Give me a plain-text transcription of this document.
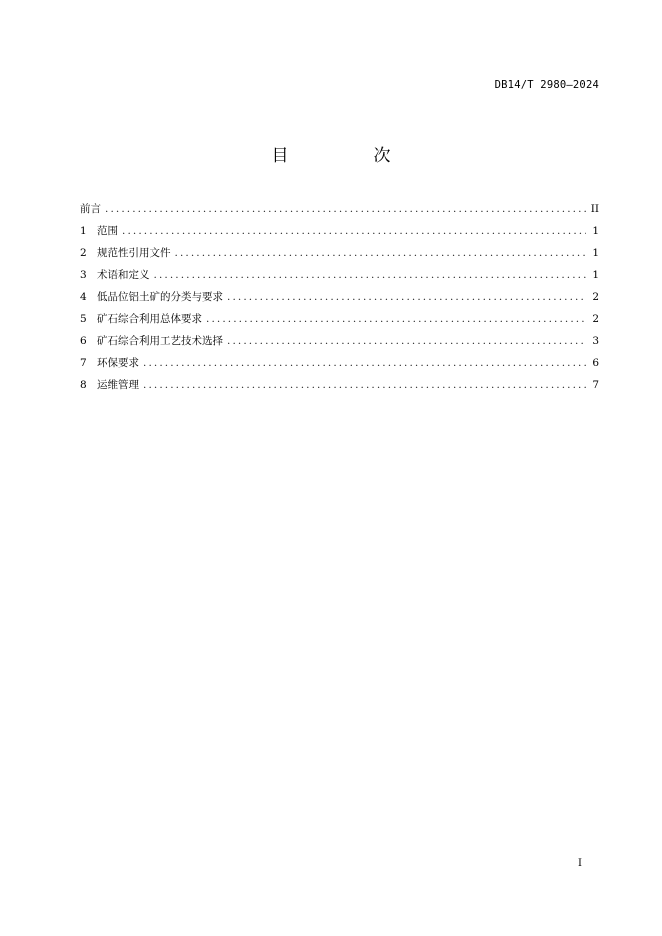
DB14/T 2980—2024
目　次
前言 .....	II
1 范围 .....	1
2 规范性引用文件 .....	1
3 术语和定义 .....	1
4 低品位铝土矿的分类与要求 .....	2
5 矿石综合利用总体要求 .....	2
6 矿石综合利用工艺技术选择 .....	3
7 环保要求 .....	6
8 运维管理 .....	7
I
